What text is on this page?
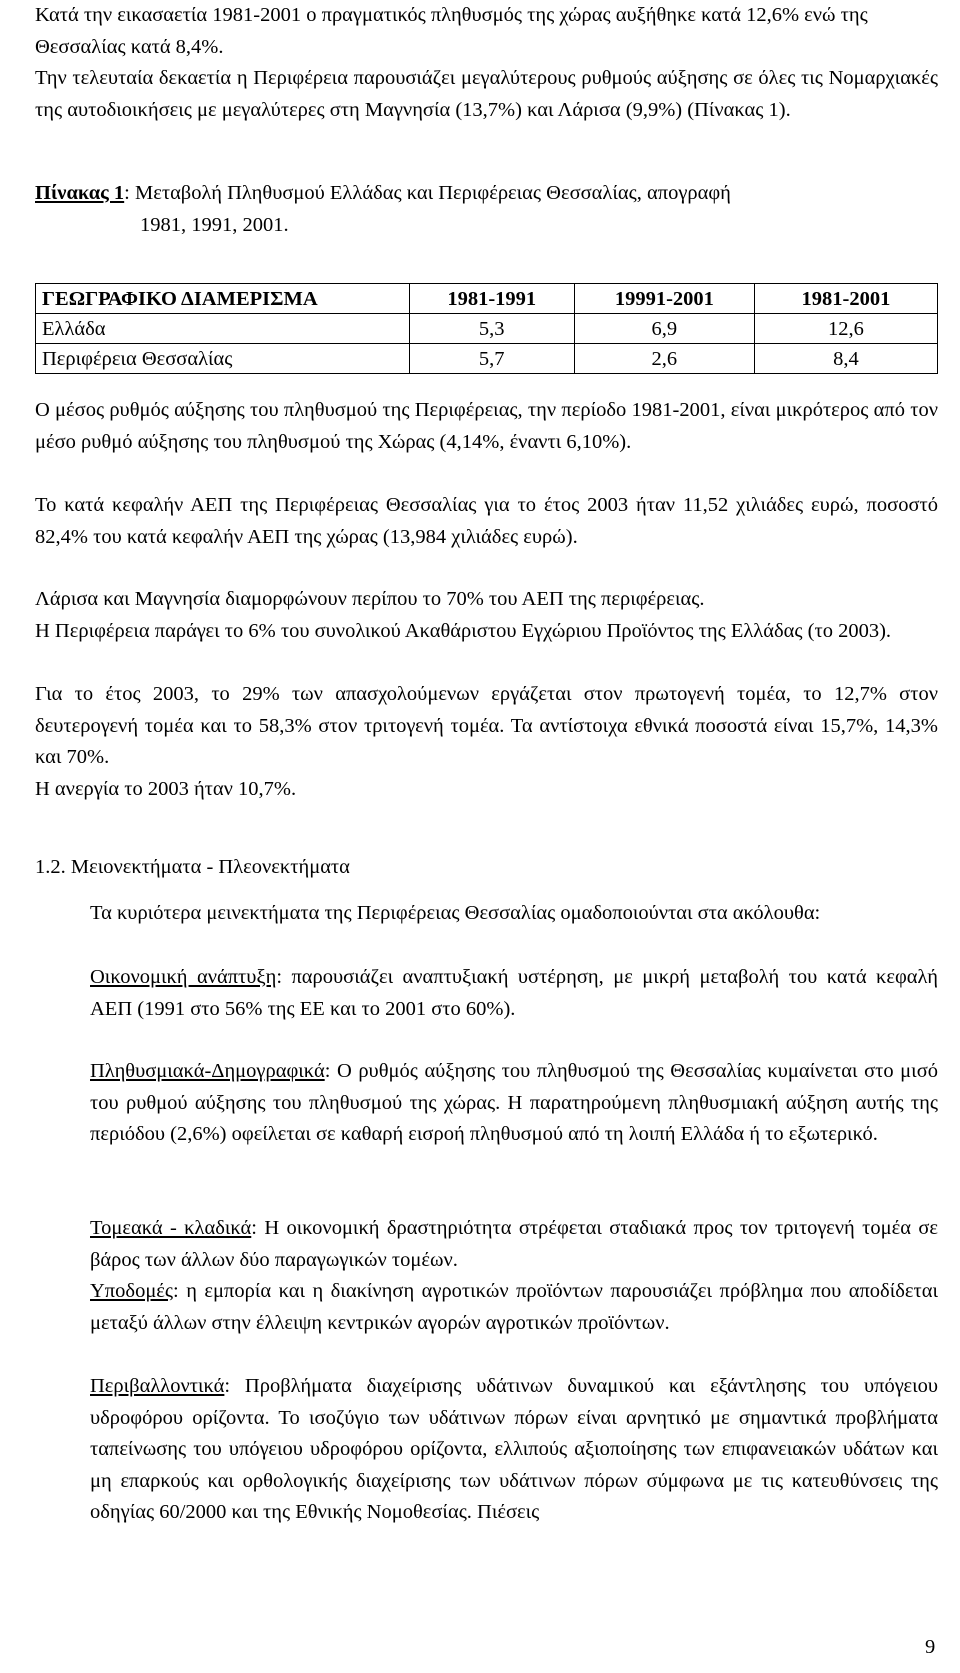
Κατά την εικασαετία 1981-2001 ο πραγματικός πληθυσμός της χώρας αυξήθηκε κατά 12,6% ενώ της Θεσσαλίας κατά 8,4%.

Την τελευταία δεκαετία η Περιφέρεια παρουσιάζει μεγαλύτερους ρυθμούς αύξησης σε όλες τις Νομαρχιακές της αυτοδιοικήσεις με μεγαλύτερες στη Μαγνησία (13,7%) και Λάρισα (9,9%) (Πίνακας 1).

Πίνακας 1: Μεταβολή Πληθυσμού Ελλάδας και Περιφέρειας Θεσσαλίας, απογραφή
1981, 1991, 2001.
ΓΕΩΓΡΑΦΙΚΟ ΔΙΑΜΕΡΙΣΜΑ	1981-1991	19991-2001	1981-2001
Ελλάδα	5,3	6,9	12,6
Περιφέρεια Θεσσαλίας	5,7	2,6	8,4

Ο μέσος ρυθμός αύξησης του πληθυσμού της Περιφέρειας, την περίοδο 1981-2001, είναι μικρότερος από τον μέσο ρυθμό αύξησης του πληθυσμού της Χώρας (4,14%, έναντι 6,10%).

Το κατά κεφαλήν ΑΕΠ της Περιφέρειας Θεσσαλίας για το έτος 2003 ήταν 11,52 χιλιάδες ευρώ, ποσοστό 82,4% του κατά κεφαλήν ΑΕΠ της χώρας (13,984 χιλιάδες ευρώ).

Λάρισα και Μαγνησία διαμορφώνουν περίπου το 70% του ΑΕΠ της περιφέρειας.

Η Περιφέρεια παράγει το 6% του συνολικού Ακαθάριστου Εγχώριου Προϊόντος της Ελλάδας (το 2003).

Για το έτος 2003, το 29% των απασχολούμενων εργάζεται στον πρωτογενή τομέα, το 12,7% στον δευτερογενή τομέα και το 58,3% στον τριτογενή τομέα. Τα αντίστοιχα εθνικά ποσοστά είναι 15,7%, 14,3% και 70%.

Η ανεργία το 2003 ήταν 10,7%.

1.2. Μειονεκτήματα - Πλεονεκτήματα

Τα κυριότερα μεινεκτήματα της Περιφέρειας Θεσσαλίας ομαδοποιούνται στα ακόλουθα:

Οικονομική ανάπτυξη: παρουσιάζει αναπτυξιακή υστέρηση, με μικρή μεταβολή του κατά κεφαλή ΑΕΠ (1991 στο 56% της ΕΕ και το 2001 στο 60%).

Πληθυσμιακά-Δημογραφικά: Ο ρυθμός αύξησης του πληθυσμού της Θεσσαλίας κυμαίνεται στο μισό του ρυθμού αύξησης του πληθυσμού της χώρας. Η παρατηρούμενη πληθυσμιακή αύξηση αυτής της περιόδου (2,6%) οφείλεται σε καθαρή εισροή πληθυσμού από τη λοιπή Ελλάδα ή το εξωτερικό.

Τομεακά - κλαδικά: Η οικονομική δραστηριότητα στρέφεται σταδιακά προς τον τριτογενή τομέα σε βάρος των άλλων δύο παραγωγικών τομέων.

Υποδομές: η εμπορία και η διακίνηση αγροτικών προϊόντων παρουσιάζει πρόβλημα που αποδίδεται μεταξύ άλλων στην έλλειψη κεντρικών αγορών αγροτικών προϊόντων.

Περιβαλλοντικά: Προβλήματα διαχείρισης υδάτινων δυναμικού και εξάντλησης του υπόγειου υδροφόρου ορίζοντα. Το ισοζύγιο των υδάτινων πόρων είναι αρνητικό με σημαντικά προβλήματα ταπείνωσης του υπόγειου υδροφόρου ορίζοντα, ελλιπούς αξιοποίησης των επιφανειακών υδάτων και μη επαρκούς και ορθολογικής διαχείρισης των υδάτινων πόρων σύμφωνα με τις κατευθύνσεις της οδηγίας 60/2000 και της Εθνικής Νομοθεσίας. Πιέσεις

9
